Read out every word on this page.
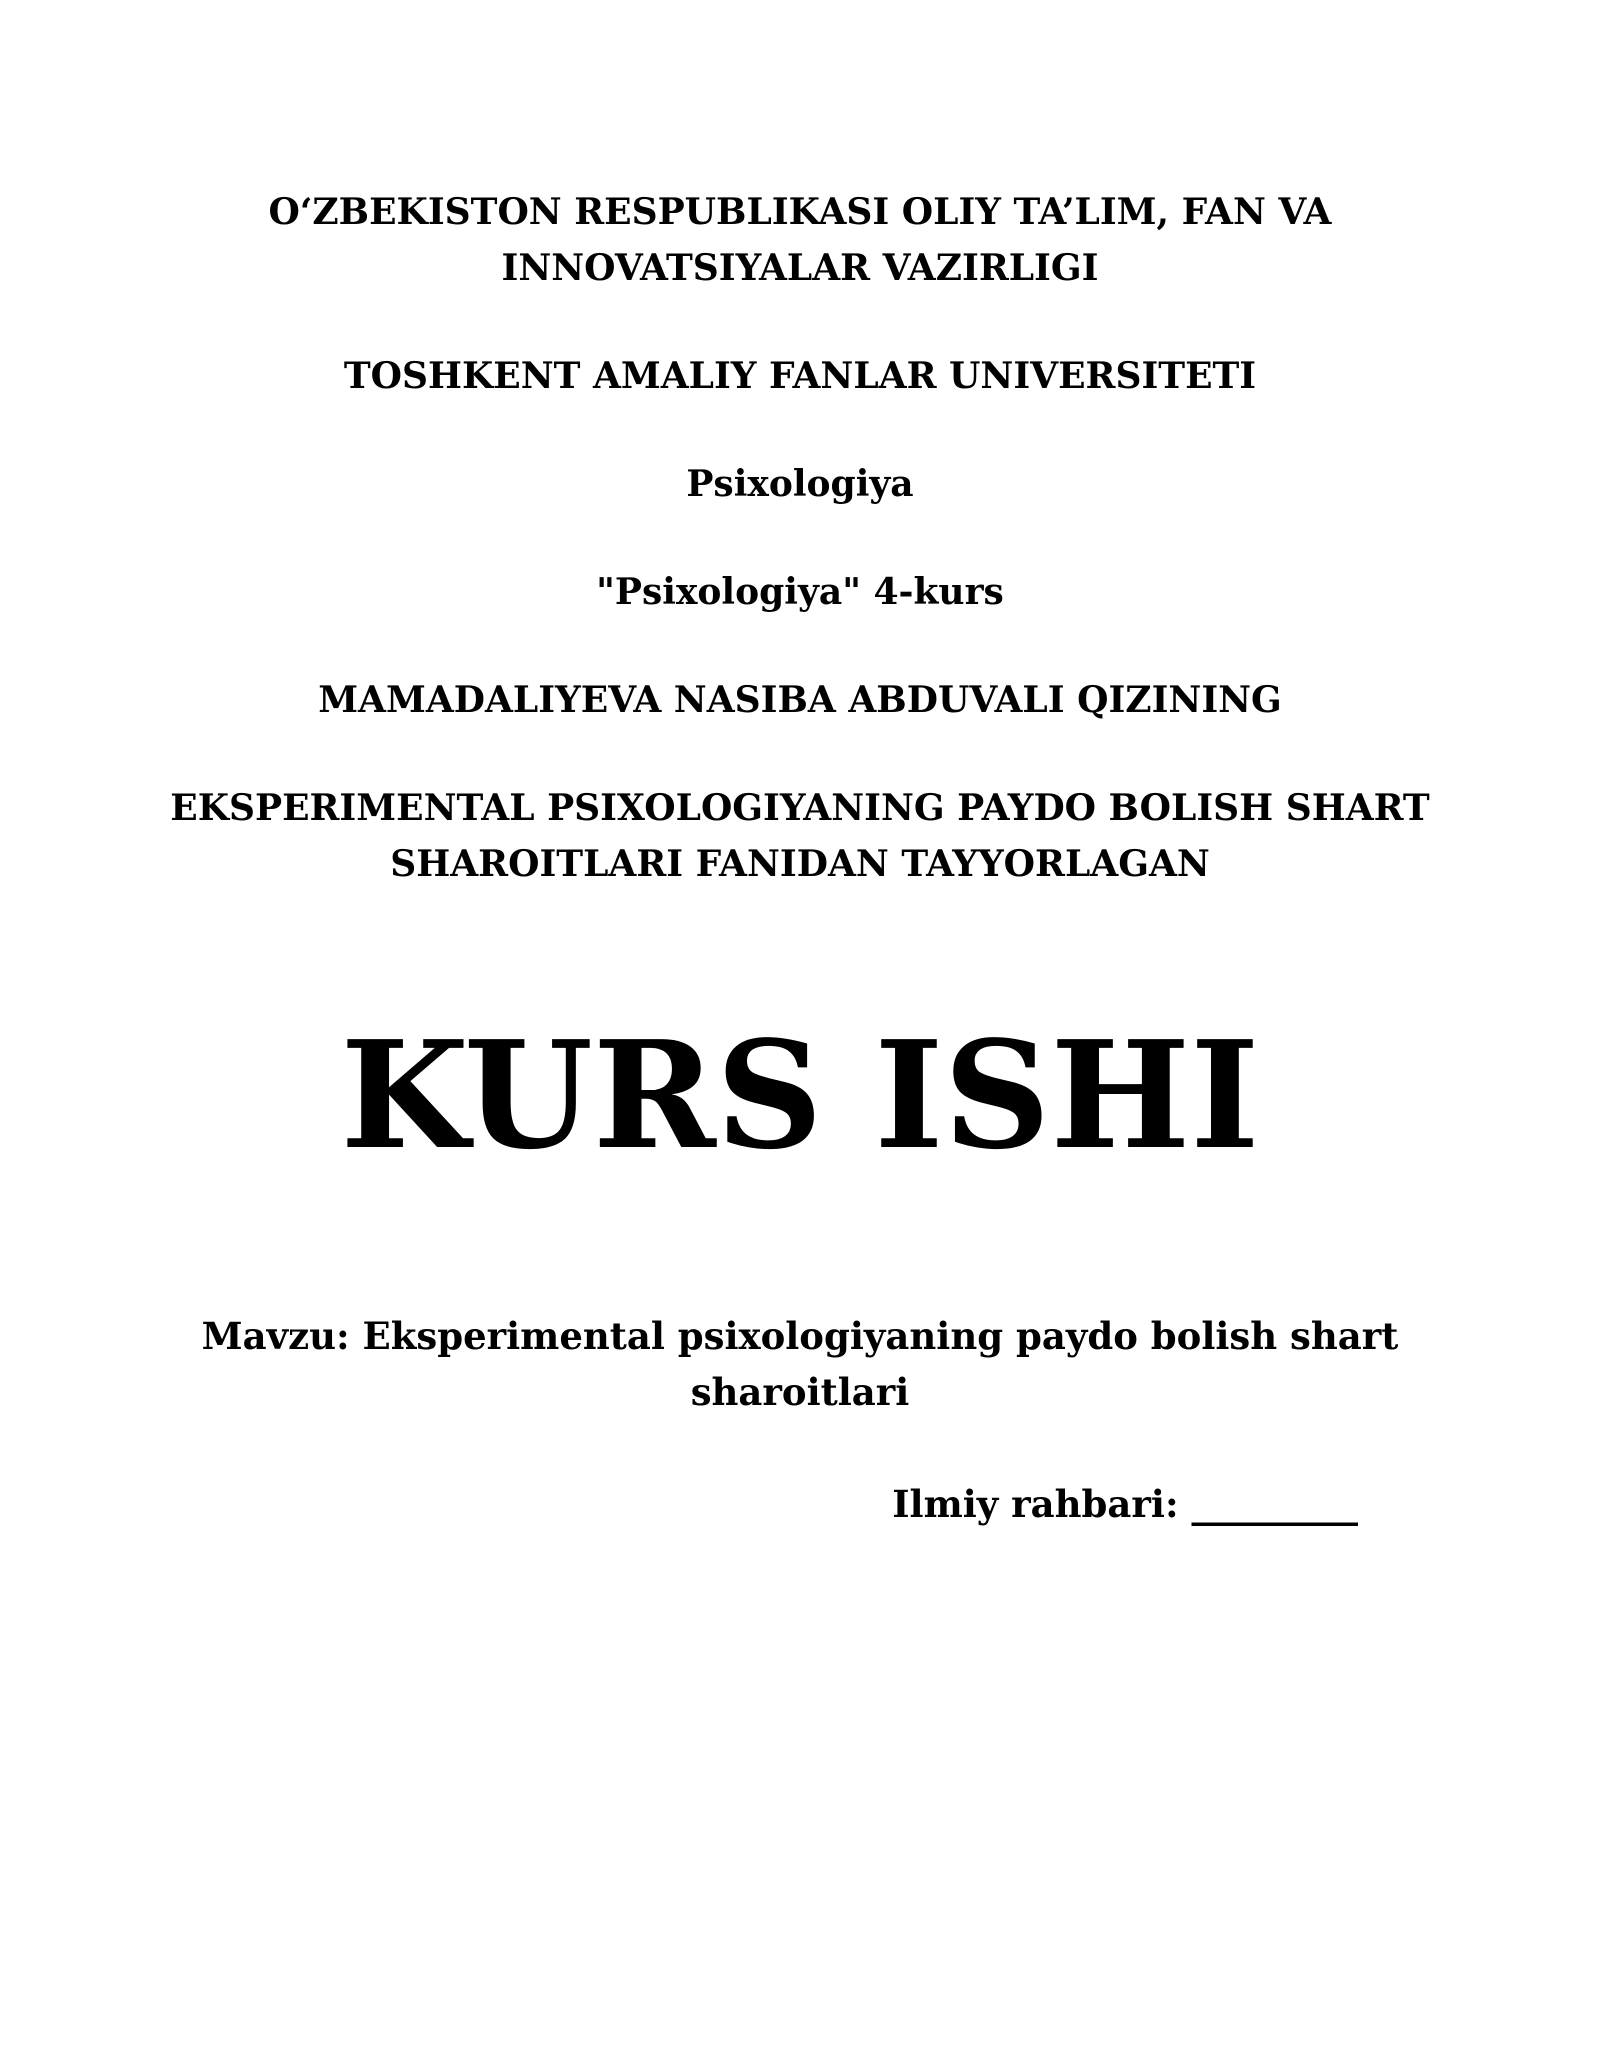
O‘ZBEKISTON RESPUBLIKASI OLIY TA’LIM, FAN VA

INNOVATSIYALAR VAZIRLIGI

TOSHKENT AMALIY FANLAR UNIVERSITETI

Psixologiya

"Psixologiya" 4-kurs

MAMADALIYEVA NASIBA ABDUVALI QIZINING

EKSPERIMENTAL PSIXOLOGIYANING PAYDO BOLISH SHART

SHAROITLARI FANIDAN TAYYORLAGAN

KURS ISHI

Mavzu: Eksperimental psixologiyaning paydo bolish shart

sharoitlari

Ilmiy rahbari: _________
